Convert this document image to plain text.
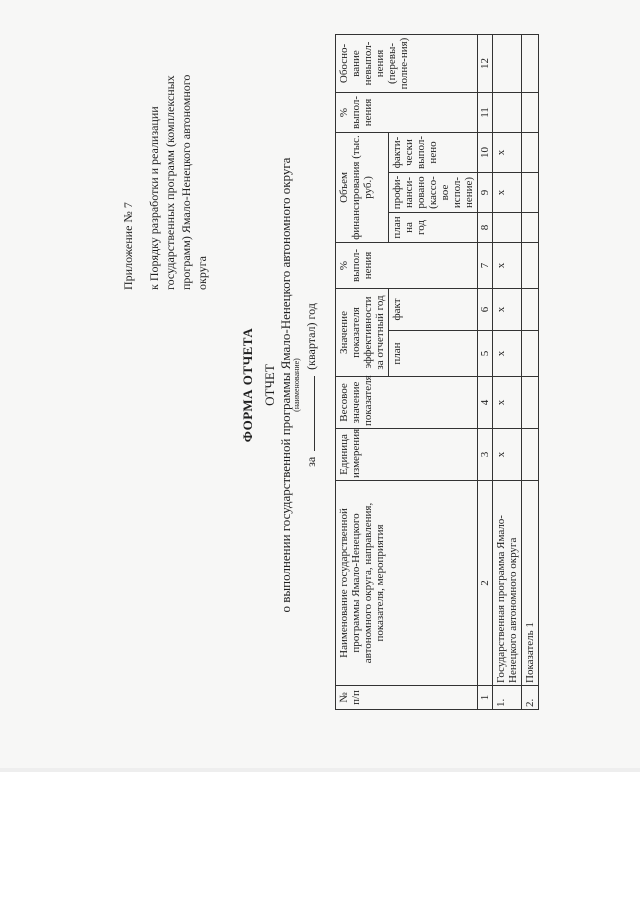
Приложение № 7 к Порядку разработки и реализации государственных программ (комплексных программ) Ямало-Ненецкого автономного округа
ФОРМА ОТЧЕТА ОТЧЕТ о выполнении государственной программы Ямало-Ненецкого автономного округа (наименование)
за  (квартал) год
№ п/п	Наименование государственной программы Ямало-Ненецкого автономного округа, направления, показателя, мероприятия	Единица измерения	Весовое значение показателя	Значение показателя эффективности за отчетный год		% выпол-нения	Объем финансирования (тыс. руб.)			% выпол-нения	Обосно-вание невыпол-нения (перевы-полне-ния)
				план	факт		план на год	профи-нанси-ровано (кассо-вое испол-нение)	факти-чески выпол-нено		
1	2	3	4	5	6	7	8	9	10	11	12
1.	Государственная программа Ямало-Ненецкого автономного округа	x	x	x	x	x		x	x		
2.	Показатель 1										
